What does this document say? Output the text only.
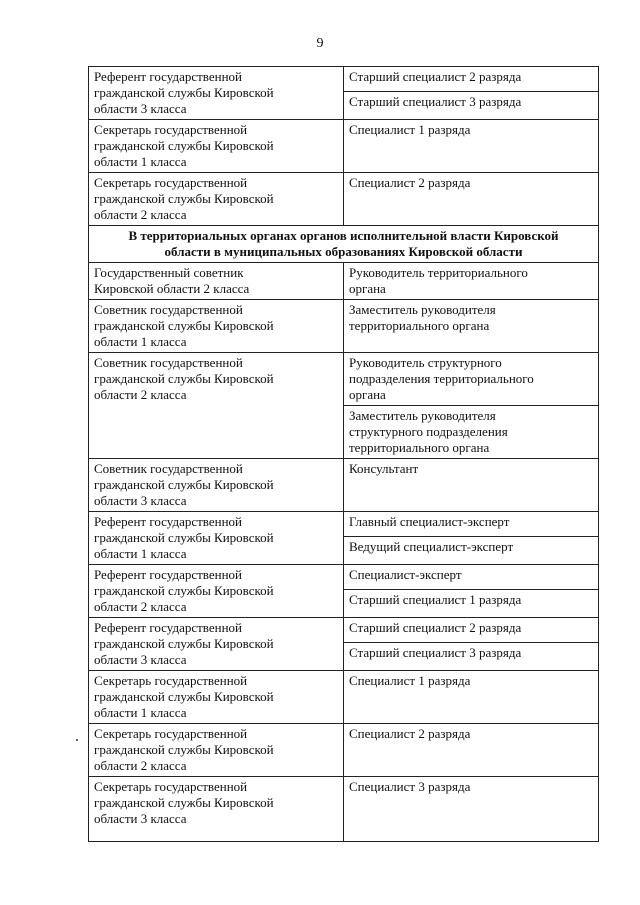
9
Референт государственной
гражданской службы Кировской
области 3 класса	Старший специалист 2 разряда

	Старший специалист 3 разряда

Секретарь государственной
гражданской службы Кировской
области 1 класса	Специалист 1 разряда

Секретарь государственной
гражданской службы Кировской
области 2 класса	Специалист 2 разряда

В территориальных органах органов исполнительной власти Кировской
области в муниципальных образованиях Кировской области	

Государственный советник
Кировской области 2 класса	Руководитель территориального
органа

Советник государственной
гражданской службы Кировской
области 1 класса	Заместитель руководителя
территориального органа

Советник государственной
гражданской службы Кировской
области 2 класса	Руководитель структурного
подразделения территориального
органа

	Заместитель руководителя
структурного подразделения
территориального органа

Советник государственной
гражданской службы Кировской
области 3 класса	Консультант

Референт государственной
гражданской службы Кировской
области 1 класса	Главный специалист-эксперт

	Ведущий специалист-эксперт

Референт государственной
гражданской службы Кировской
области 2 класса	Специалист-эксперт

	Старший специалист 1 разряда

Референт государственной
гражданской службы Кировской
области 3 класса	Старший специалист 2 разряда

	Старший специалист 3 разряда

Секретарь государственной
гражданской службы Кировской
области 1 класса	Специалист 1 разряда

Секретарь государственной
гражданской службы Кировской
области 2 класса	Специалист 2 разряда

Секретарь государственной
гражданской службы Кировской
области 3 класса	Специалист 3 разряда
